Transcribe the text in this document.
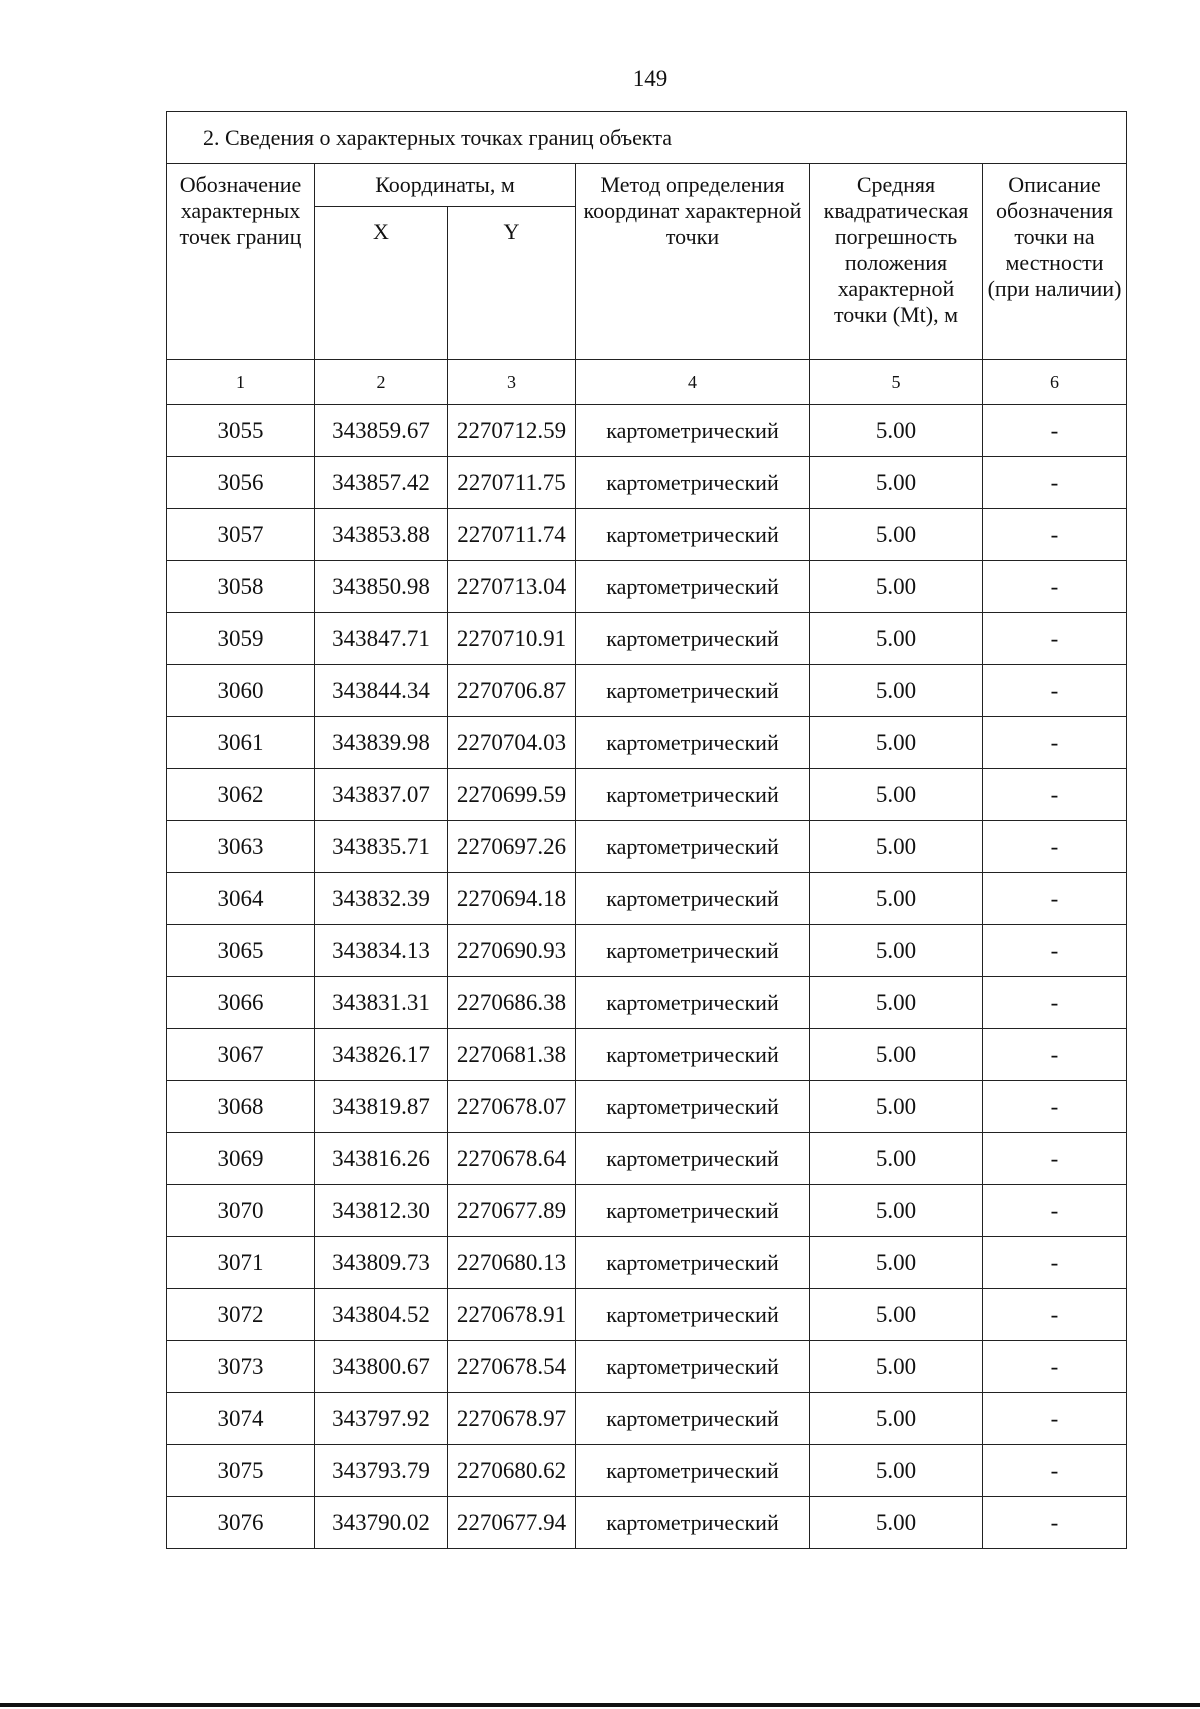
149
2. Сведения о характерных точках границ объекта					
Обозначение характерных точек границ	Координаты, м		Метод определения координат характерной точки	Средняя квадратическая погрешность положения характерной точки (Mt), м	Описание обозначения точки на местности (при наличии)
	X	Y			
1	2	3	4	5	6
3055	343859.67	2270712.59	картометрический	5.00	-
3056	343857.42	2270711.75	картометрический	5.00	-
3057	343853.88	2270711.74	картометрический	5.00	-
3058	343850.98	2270713.04	картометрический	5.00	-
3059	343847.71	2270710.91	картометрический	5.00	-
3060	343844.34	2270706.87	картометрический	5.00	-
3061	343839.98	2270704.03	картометрический	5.00	-
3062	343837.07	2270699.59	картометрический	5.00	-
3063	343835.71	2270697.26	картометрический	5.00	-
3064	343832.39	2270694.18	картометрический	5.00	-
3065	343834.13	2270690.93	картометрический	5.00	-
3066	343831.31	2270686.38	картометрический	5.00	-
3067	343826.17	2270681.38	картометрический	5.00	-
3068	343819.87	2270678.07	картометрический	5.00	-
3069	343816.26	2270678.64	картометрический	5.00	-
3070	343812.30	2270677.89	картометрический	5.00	-
3071	343809.73	2270680.13	картометрический	5.00	-
3072	343804.52	2270678.91	картометрический	5.00	-
3073	343800.67	2270678.54	картометрический	5.00	-
3074	343797.92	2270678.97	картометрический	5.00	-
3075	343793.79	2270680.62	картометрический	5.00	-
3076	343790.02	2270677.94	картометрический	5.00	-
